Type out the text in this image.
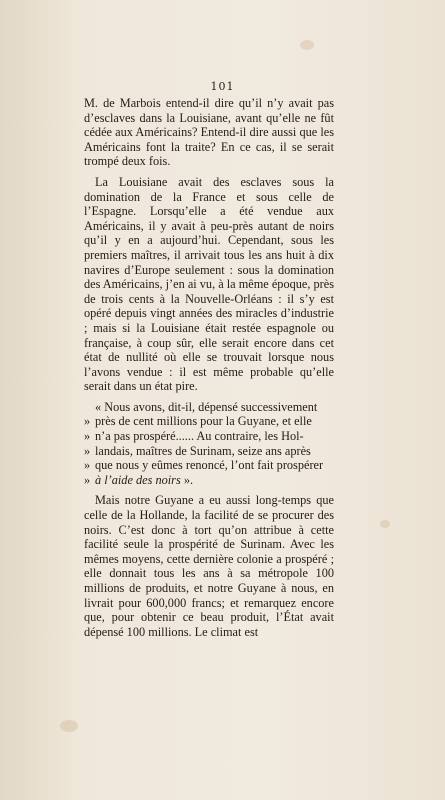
101

M. de Marbois entend-il dire qu’il n’y avait pas d’esclaves dans la Louisiane, avant qu’elle ne fût cédée aux Américains? Entend-il dire aussi que les Américains font la traite? En ce cas, il se serait trompé deux fois.

La Louisiane avait des esclaves sous la domination de la France et sous celle de l’Espagne. Lorsqu’elle a été vendue aux Américains, il y avait à peu-près autant de noirs qu’il y en a aujourd’hui. Cependant, sous les premiers maîtres, il arrivait tous les ans huit à dix navires d’Europe seulement : sous la domination des Américains, j’en ai vu, à la même époque, près de trois cents à la Nouvelle-Orléans : il s’y est opéré depuis vingt années des miracles d’industrie ; mais si la Louisiane était restée espagnole ou française, à coup sûr, elle serait encore dans cet état de nullité où elle se trouvait lorsque nous l’avons vendue : il est même probable qu’elle serait dans un état pire.

« Nous avons, dit-il, dépensé successivement
» près de cent millions pour la Guyane, et elle
» n’a pas prospéré...... Au contraire, les Hol-
» landais, maîtres de Surinam, seize ans après
» que nous y eûmes renoncé, l’ont fait prospérer
» à l’aide des noirs ».

Mais notre Guyane a eu aussi long-temps que celle de la Hollande, la facilité de se procurer des noirs. C’est donc à tort qu’on attribue à cette facilité seule la prospérité de Surinam. Avec les mêmes moyens, cette dernière colonie a prospéré ; elle donnait tous les ans à sa métropole 100 millions de produits, et notre Guyane à nous, en livrait pour 600,000 francs; et remarquez encore que, pour obtenir ce beau produit, l’État avait dépensé 100 millions. Le climat est
